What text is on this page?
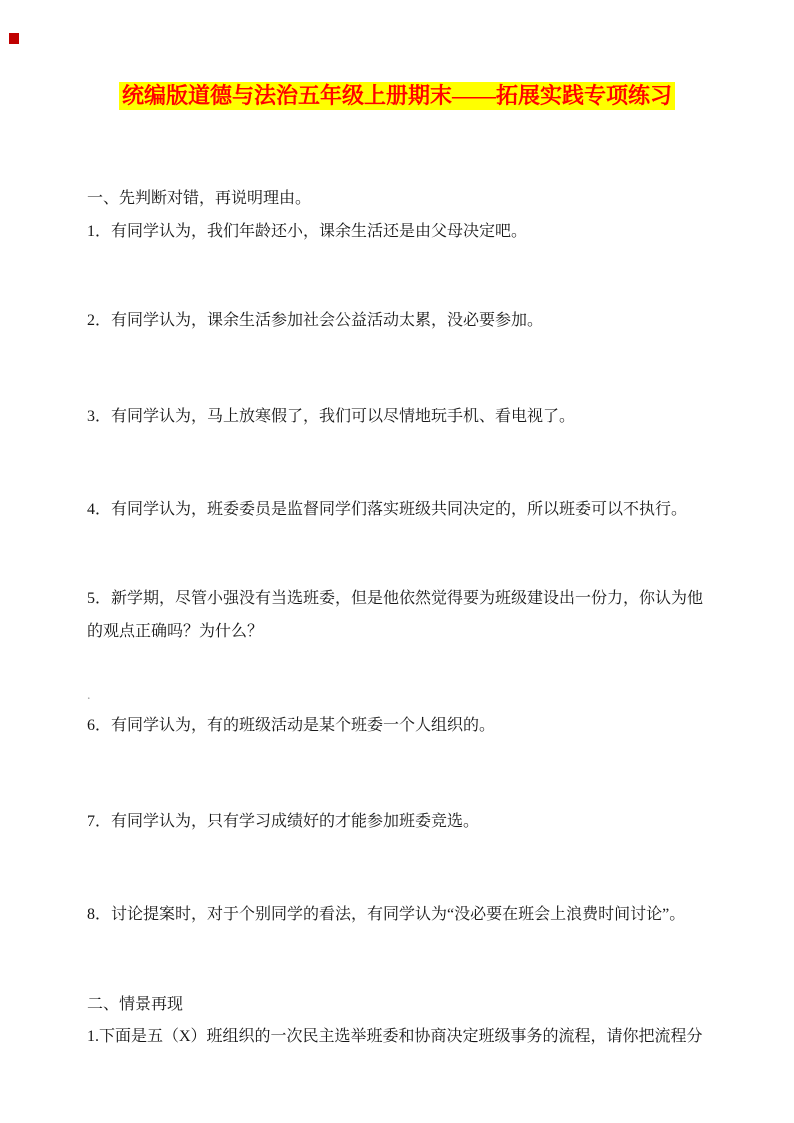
统编版道德与法治五年级上册期末——拓展实践专项练习

一、先判断对错，再说明理由。

1．有同学认为，我们年龄还小，课余生活还是由父母决定吧。

2．有同学认为，课余生活参加社会公益活动太累，没必要参加。

3．有同学认为，马上放寒假了，我们可以尽情地玩手机、看电视了。

4．有同学认为，班委委员是监督同学们落实班级共同决定的，所以班委可以不执行。

5．新学期，尽管小强没有当选班委，但是他依然觉得要为班级建设出一份力，你认为他的观点正确吗？为什么？

.

6．有同学认为，有的班级活动是某个班委一个人组织的。

7．有同学认为，只有学习成绩好的才能参加班委竞选。

8．讨论提案时，对于个别同学的看法，有同学认为“没必要在班会上浪费时间讨论”。

二、情景再现

1.下面是五（X）班组织的一次民主选举班委和协商决定班级事务的流程，请你把流程分
